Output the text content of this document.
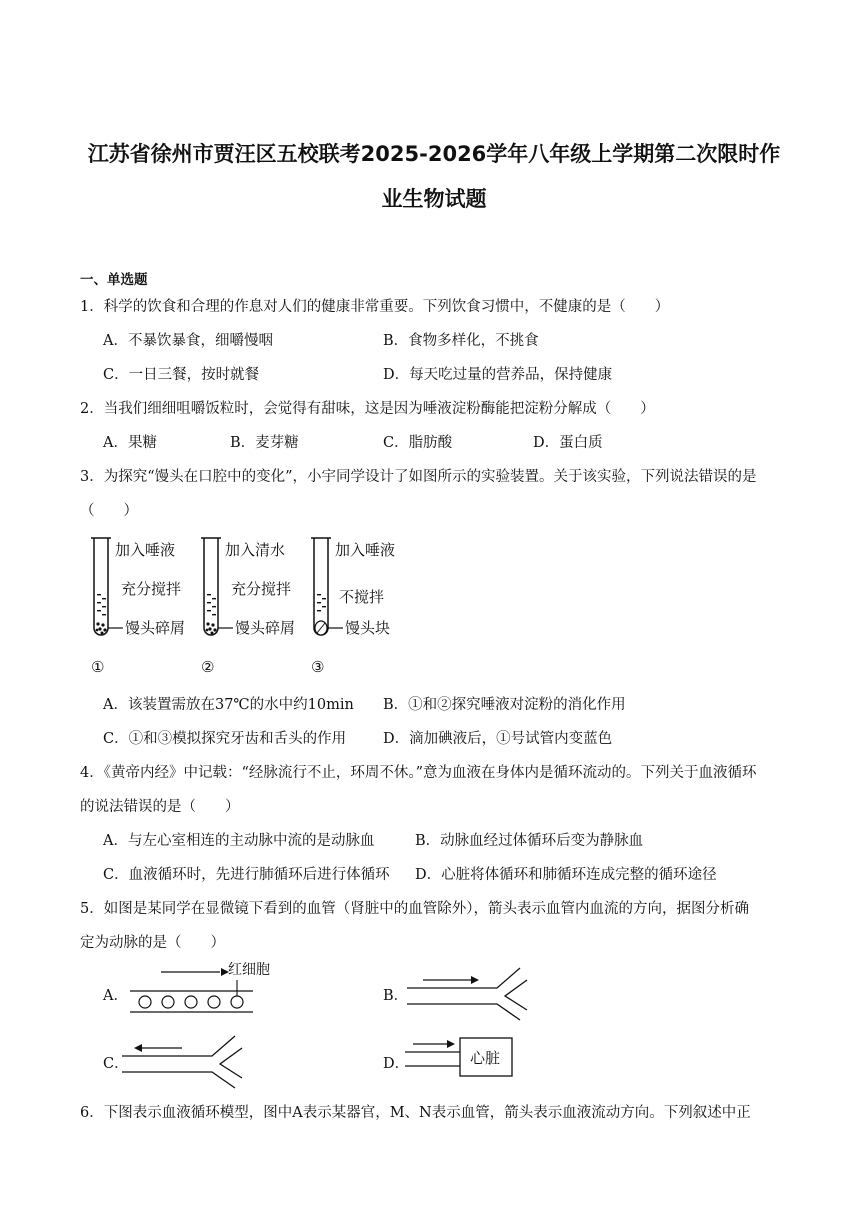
江苏省徐州市贾汪区五校联考2025-2026学年八年级上学期第二次限时作
业生物试题
一、单选题
1．科学的饮食和合理的作息对人们的健康非常重要。下列饮食习惯中，不健康的是（　　）
A．不暴饮暴食，细嚼慢咽	B．食物多样化，不挑食
C．一日三餐，按时就餐	D．每天吃过量的营养品，保持健康
2．当我们细细咀嚼饭粒时，会觉得有甜味，这是因为唾液淀粉酶能把淀粉分解成（　　）
A．果糖	B．麦芽糖	C．脂肪酸	D．蛋白质
3．为探究“馒头在口腔中的变化”，小宇同学设计了如图所示的实验装置。关于该实验，下列说法错误的是
（　　）
加入唾液
充分搅拌
馒头碎屑
①
加入清水
充分搅拌
馒头碎屑
②
加入唾液
不搅拌
馒头块
③
A．该装置需放在37℃的水中约10min B．①和②探究唾液对淀粉的消化作用
C．①和③模拟探究牙齿和舌头的作用	D．滴加碘液后，①号试管内变蓝色
4．《黄帝内经》中记载：“经脉流行不止，环周不休。”意为血液在身体内是循环流动的。下列关于血液循环
的说法错误的是（　　）
A．与左心室相连的主动脉中流的是动脉血	B．动脉血经过体循环后变为静脉血
C．血液循环时，先进行肺循环后进行体循环 D．心脏将体循环和肺循环连成完整的循环途径
5．如图是某同学在显微镜下看到的血管（肾脏中的血管除外），箭头表示血管内血流的方向，据图分析确
定为动脉的是（　　）
A．
红细胞
B．
C．	D．	心脏
6．下图表示血液循环模型，图中A表示某器官，M、N表示血管，箭头表示血液流动方向。下列叙述中正
